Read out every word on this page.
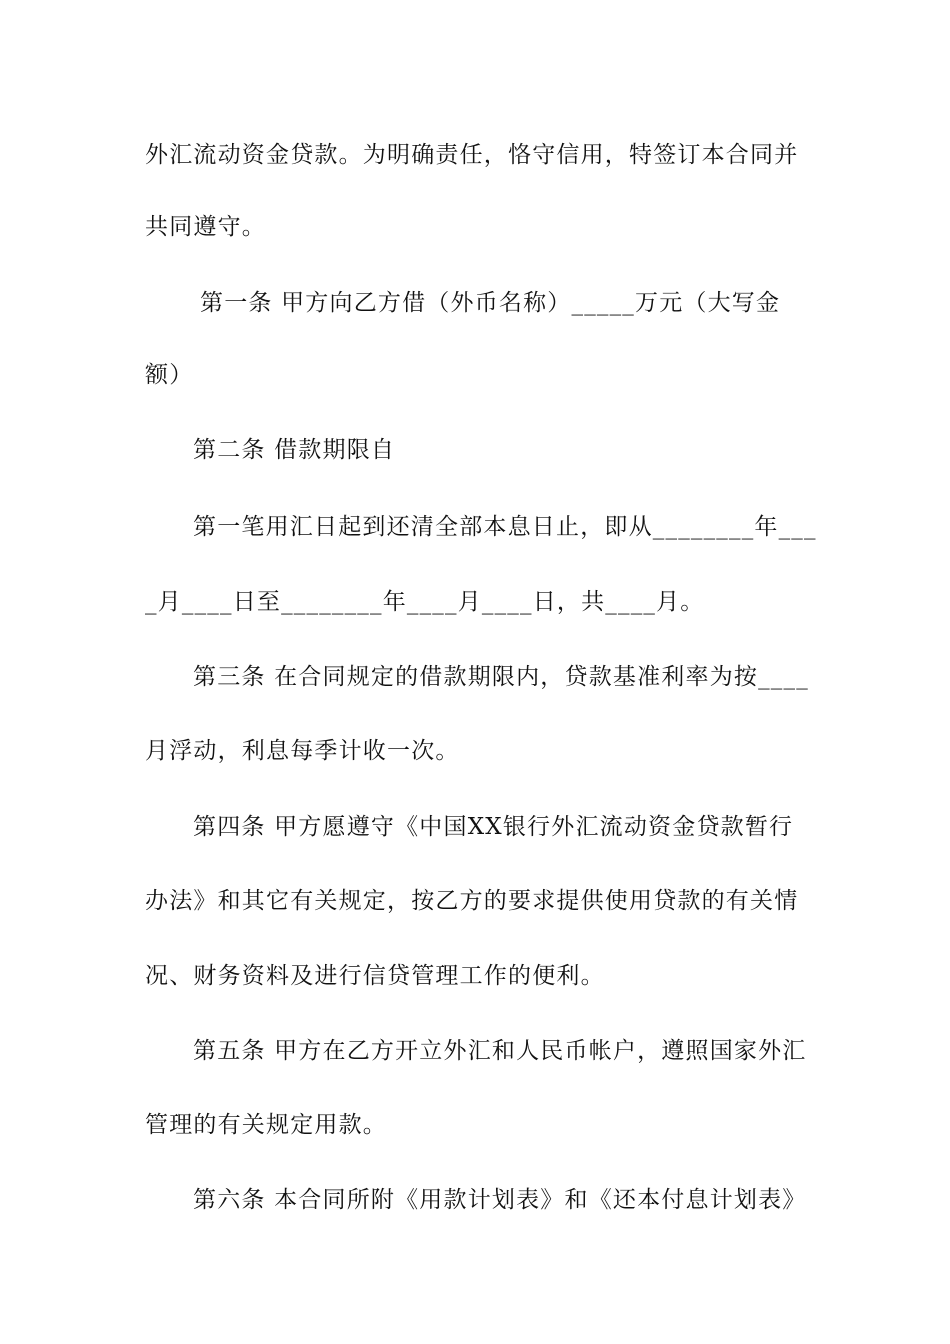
外汇流动资金贷款。为明确责任，恪守信用，特签订本合同并
共同遵守。
第一条 甲方向乙方借（外币名称）_____万元（大写金
额）
第二条 借款期限自
第一笔用汇日起到还清全部本息日止，即从________年___
_月____日至________年____月____日，共____月。
第三条 在合同规定的借款期限内，贷款基准利率为按____
月浮动，利息每季计收一次。
第四条 甲方愿遵守《中国XX银行外汇流动资金贷款暂行
办法》和其它有关规定，按乙方的要求提供使用贷款的有关情
况、财务资料及进行信贷管理工作的便利。
第五条 甲方在乙方开立外汇和人民币帐户，遵照国家外汇
管理的有关规定用款。
第六条 本合同所附《用款计划表》和《还本付息计划表》
